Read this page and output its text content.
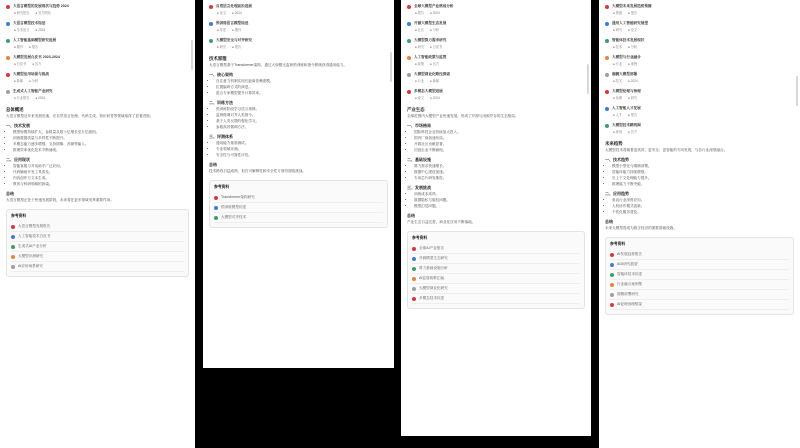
大语言模型的发展现状与趋势 2024
● 研究报告	● 官方网站
大语言模型技术综述
● 学术论文	● 2024
人工智能基础模型研究进展
● 期刊	● 报告
大模型发展白皮书 2023-2024
● 白皮书	● 官方
大模型应用场景与挑战
● 新闻	● 分析
生成式人工智能产业研究
● 行业报告	● 2024
总体概述

大语言模型近年来发展迅速，在自然语言处理、代码生成、知识问答等领域取得了显著进展。

一、技术发展
• 模型规模持续扩大，参数量从数十亿增长至万亿级别。
• 训练数据质量与多样性不断提升。
• 多模态能力逐步增强，支持图像、音频等输入。
• 推理效率优化技术不断涌现。
二、应用现状
• 智能客服与对话助手广泛应用。
• 代码辅助开发工具普及。
• 内容创作与文本生成。
• 教育与科研领域的探索。
总结

大语言模型正处于快速发展阶段，未来将在更多领域发挥重要作用。

参考资料
大语言模型发展报告
人工智能技术白皮书
生成式AI产业分析
大模型评测研究
AI应用场景研究
自然语言处理前沿进展
● 论文	● 2024
预训练语言模型综述
● 综述	● 期刊
大模型安全与对齐研究
● 研究	● 报告
技术原理

大语言模型基于Transformer架构，通过大规模无监督预训练和指令微调获得通用能力。

一、核心架构
• 自注意力机制实现长距离依赖建模。
• 位置编码方式的演进。
• 混合专家模型提升计算效率。
二、训练方法
• 预训练阶段学习语言规律。
• 监督微调对齐人类指令。
• 基于人类反馈的强化学习。
• 参数高效微调方法。
三、评测体系
• 通用能力基准测试。
• 专业领域评测。
• 安全性与可靠性评估。
总结

技术路线日趋成熟，但在可解释性和安全性方面仍面临挑战。

参考资料
Transformer架构研究
预训练模型综述
大模型对齐技术
全球大模型产业格局分析
● 报告	● 2024
开源大模型生态发展
● 社区	● 分析
大模型算力需求研究
● 研究	● 白皮书
人工智能政策与监管
● 政策	● 官方
大模型商业化路径探索
● 行业	● 新闻
多模态大模型进展
● 论文	● 2024
产业生态

全球范围内大模型产业快速发展，形成了开源与闭源并存的生态格局。

一、市场格局
• 国际科技企业持续加大投入。
• 国内厂商加速布局。
• 开源社区贡献显著。
• 初创企业不断涌现。
二、基础设施
• 算力需求快速增长。
• 数据中心建设加速。
• 专用芯片研发推进。
三、发展挑战
• 训练成本高昂。
• 数据隐私与版权问题。
• 模型幻觉问题。
总结

产业生态日益完善，商业化应用不断落地。

参考资料
全球AI产业报告
开源模型生态研究
算力基础设施分析
AI监管政策汇编
大模型商业化研究
多模态技术综述
大模型未来发展趋势预测
● 预测	● 报告
通用人工智能研究展望
● 研究	● 论文
智能体技术发展现状
● 技术	● 分析
大模型与行业融合
● 行业	● 案例
端侧大模型部署
● 技术	● 2024
大模型伦理与治理
● 伦理	● 研究
人工智能人才发展
● 人才	● 报告
大模型技术路线图
● 规划	● 官方
未来趋势

大模型技术将朝着更高效、更安全、更智能的方向发展，与各行业深度融合。

一、技术趋势
• 模型小型化与端侧部署。
• 智能体能力持续增强。
• 长上下文处理能力提升。
• 推理能力不断突破。
二、应用趋势
• 垂直行业深度应用。
• 人机协作模式创新。
• 个性化服务普及。
总结

未来大模型将成为数字经济的重要基础设施。

参考资料
AI发展趋势报告
AGI研究展望
智能体技术综述
行业融合案例集
端侧部署研究
AI伦理治理框架
